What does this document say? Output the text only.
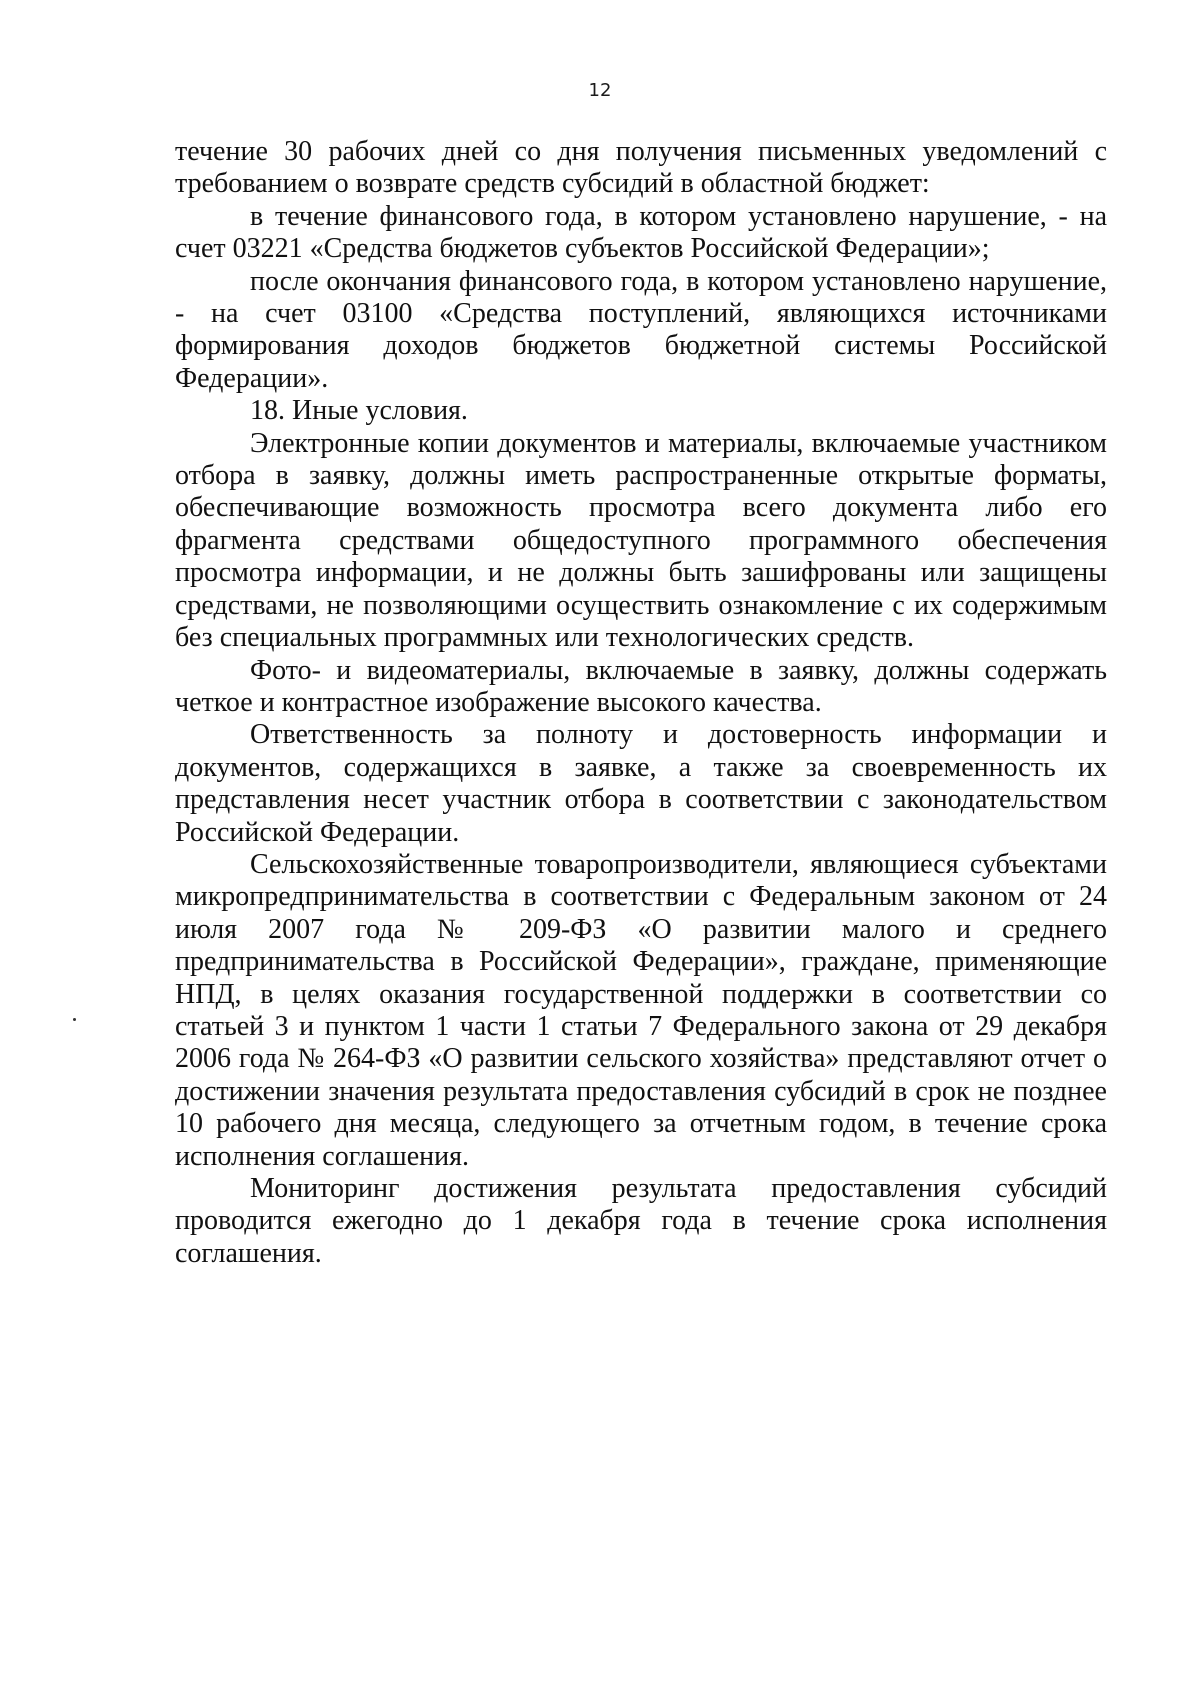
12

течение 30 рабочих дней со дня получения письменных уведомлений с требованием о возврате средств субсидий в областной бюджет:

в течение финансового года, в котором установлено нарушение, - на счет 03221 «Средства бюджетов субъектов Российской Федерации»;

после окончания финансового года, в котором установлено нарушение, - на счет 03100 «Средства поступлений, являющихся источниками формирования доходов бюджетов бюджетной системы Российской Федерации».

18. Иные условия.

Электронные копии документов и материалы, включаемые участником отбора в заявку, должны иметь распространенные открытые форматы, обеспечивающие возможность просмотра всего документа либо его фрагмента средствами общедоступного программного обеспечения просмотра информации, и не должны быть зашифрованы или защищены средствами, не позволяющими осуществить ознакомление с их содержимым без специальных программных или технологических средств.

Фото- и видеоматериалы, включаемые в заявку, должны содержать четкое и контрастное изображение высокого качества.

Ответственность за полноту и достоверность информации и документов, содержащихся в заявке, а также за своевременность их представления несет участник отбора в соответствии с законодательством Российской Федерации.

Сельскохозяйственные товаропроизводители, являющиеся субъектами микропредпринимательства в соответствии с Федеральным законом от 24 июля 2007 года № 209-ФЗ «О развитии малого и среднего предпринимательства в Российской Федерации», граждане, применяющие НПД, в целях оказания государственной поддержки в соответствии со статьей 3 и пунктом 1 части 1 статьи 7 Федерального закона от 29 декабря 2006 года № 264-ФЗ «О развитии сельского хозяйства» представляют отчет о достижении значения результата предоставления субсидий в срок не позднее 10 рабочего дня месяца, следующего за отчетным годом, в течение срока исполнения соглашения.

Мониторинг достижения результата предоставления субсидий проводится ежегодно до 1 декабря года в течение срока исполнения соглашения.
